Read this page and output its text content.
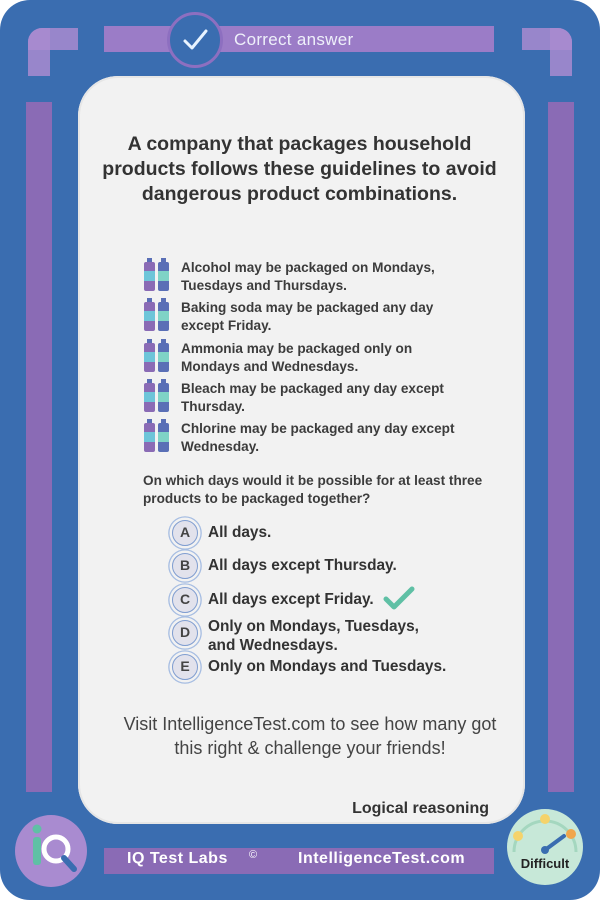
Correct answer
A company that packages household products follows these guidelines to avoid dangerous product combinations.
Alcohol may be packaged on Mondays, Tuesdays and Thursdays.
Baking soda may be packaged any day except Friday.
Ammonia may be packaged only on Mondays and Wednesdays.
Bleach may be packaged any day except Thursday.
Chlorine may be packaged any day except Wednesday.
On which days would it be possible for at least three products to be packaged together?
A	All days.
B	All days except Thursday.
C	All days except Friday.
D	Only on Mondays, Tuesdays, and Wednesdays.
E	Only on Mondays and Tuesdays.
Visit IntelligenceTest.com to see how many got this right & challenge your friends!
Logical reasoning
IQ Test Labs ©	IntelligenceTest.com	Difficult
